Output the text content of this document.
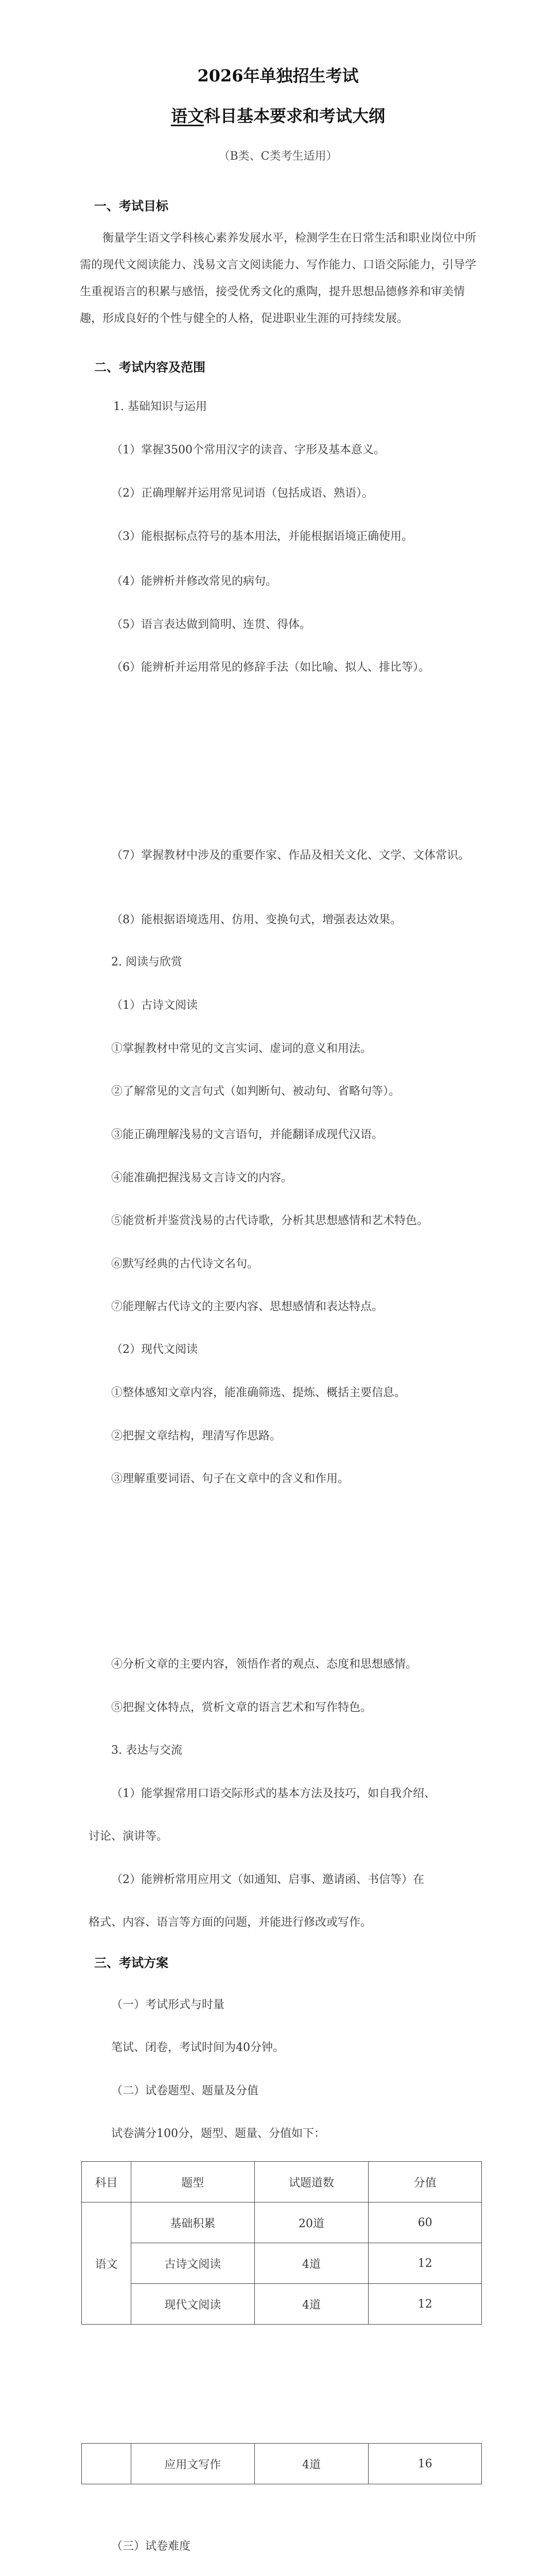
2026年单独招生考试
语文科目基本要求和考试大纲
（B类、C类考生适用）
一、考试目标
衡量学生语文学科核心素养发展水平，检测学生在日常生活和职业岗位中所需的现代文阅读能力、浅易文言文阅读能力、写作能力、口语交际能力，引导学生重视语言的积累与感悟，接受优秀文化的熏陶，提升思想品德修养和审美情趣，形成良好的个性与健全的人格，促进职业生涯的可持续发展。
二、考试内容及范围
1. 基础知识与运用
（1）掌握3500个常用汉字的读音、字形及基本意义。
（2）正确理解并运用常见词语（包括成语、熟语）。
（3）能根据标点符号的基本用法，并能根据语境正确使用。
（4）能辨析并修改常见的病句。
（5）语言表达做到简明、连贯、得体。
（6）能辨析并运用常见的修辞手法（如比喻、拟人、排比等）。
（7）掌握教材中涉及的重要作家、作品及相关文化、文学、文体常识。
（8）能根据语境选用、仿用、变换句式，增强表达效果。
2. 阅读与欣赏
（1）古诗文阅读
①掌握教材中常见的文言实词、虚词的意义和用法。
②了解常见的文言句式（如判断句、被动句、省略句等）。
③能正确理解浅易的文言语句，并能翻译成现代汉语。
④能准确把握浅易文言诗文的内容。
⑤能赏析并鉴赏浅易的古代诗歌，分析其思想感情和艺术特色。
⑥默写经典的古代诗文名句。
⑦能理解古代诗文的主要内容、思想感情和表达特点。
（2）现代文阅读
①整体感知文章内容，能准确筛选、提炼、概括主要信息。
②把握文章结构，理清写作思路。
③理解重要词语、句子在文章中的含义和作用。
④分析文章的主要内容，领悟作者的观点、态度和思想感情。
⑤把握文体特点，赏析文章的语言艺术和写作特色。
3. 表达与交流
（1）能掌握常用口语交际形式的基本方法及技巧，如自我介绍、
讨论、演讲等。
（2）能辨析常用应用文（如通知、启事、邀请函、书信等）在
格式、内容、语言等方面的问题，并能进行修改或写作。
三、考试方案
（一）考试形式与时量
笔试、闭卷，考试时间为40分钟。
（二）试卷题型、题量及分值
试卷满分100分，题型、题量、分值如下：
科目	题型	试题道数	分值
语文	基础积累	20道	60
	古诗文阅读	4道	12
	现代文阅读	4道	12
	应用文写作	4道	16
（三）试卷难度
